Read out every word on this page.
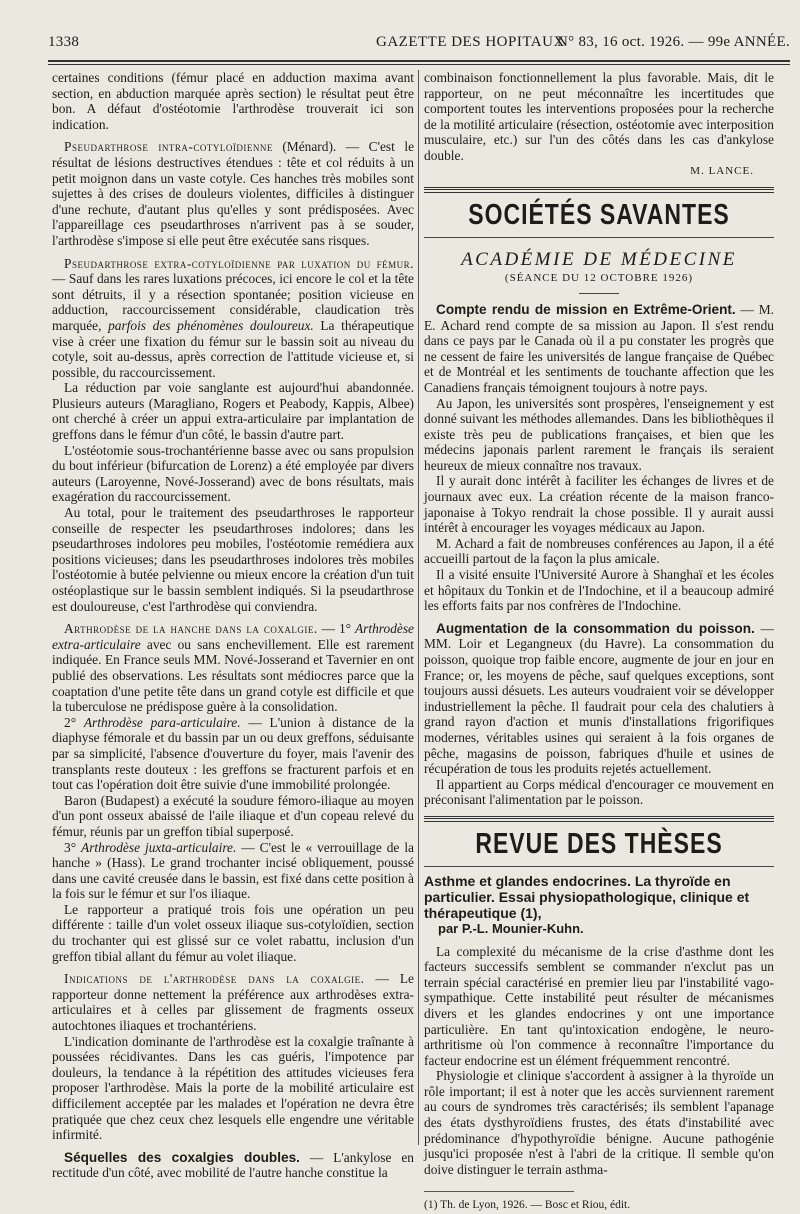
1338	GAZETTE DES HOPITAUX
N° 83, 16 oct. 1926. — 99e ANNÉE.

certaines conditions (fémur placé en adduction maxima avant section, en abduction marquée après section) le résultat peut être bon. A défaut d'ostéotomie l'arthrodèse trouverait ici son indication.

Pseudarthrose intra-cotyloïdienne (Ménard). — C'est le résultat de lésions destructives étendues : tête et col réduits à un petit moignon dans un vaste cotyle. Ces hanches très mobiles sont sujettes à des crises de douleurs violentes, difficiles à distinguer d'une rechute, d'autant plus qu'elles y sont prédisposées. Avec l'appareillage ces pseudarthroses n'arrivent pas à se souder, l'arthrodèse s'impose si elle peut être exécutée sans risques.

Pseudarthrose extra-cotyloïdienne par luxation du fémur. — Sauf dans les rares luxations précoces, ici encore le col et la tête sont détruits, il y a résection spontanée; position vicieuse en adduction, raccourcissement considérable, claudication très marquée, parfois des phénomènes douloureux. La thérapeutique vise à créer une fixation du fémur sur le bassin soit au niveau du cotyle, soit au-dessus, après correction de l'attitude vicieuse et, si possible, du raccourcissement.

La réduction par voie sanglante est aujourd'hui abandonnée. Plusieurs auteurs (Maragliano, Rogers et Peabody, Kappis, Albee) ont cherché à créer un appui extra-articulaire par implantation de greffons dans le fémur d'un côté, le bassin d'autre part.

L'ostéotomie sous-trochantérienne basse avec ou sans propulsion du bout inférieur (bifurcation de Lorenz) a été employée par divers auteurs (Laroyenne, Nové-Josserand) avec de bons résultats, mais exagération du raccourcissement.

Au total, pour le traitement des pseudarthroses le rapporteur conseille de respecter les pseudarthroses indolores; dans les pseudarthroses indolores peu mobiles, l'ostéotomie remédiera aux positions vicieuses; dans les pseudarthroses indolores très mobiles l'ostéotomie à butée pelvienne ou mieux encore la création d'un tuit ostéoplastique sur le bassin semblent indiqués. Si la pseudarthrose est douloureuse, c'est l'arthrodèse qui conviendra.

Arthrodèse de la hanche dans la coxalgie. — 1° Arthrodèse extra-articulaire avec ou sans enchevillement. Elle est rarement indiquée. En France seuls MM. Nové-Josserand et Tavernier en ont publié des observations. Les résultats sont médiocres parce que la coaptation d'une petite tête dans un grand cotyle est difficile et que la tuberculose ne prédispose guère à la consolidation.

2° Arthrodèse para-articulaire. — L'union à distance de la diaphyse fémorale et du bassin par un ou deux greffons, séduisante par sa simplicité, l'absence d'ouverture du foyer, mais l'avenir des transplants reste douteux : les greffons se fracturent parfois et en tout cas l'opération doit être suivie d'une immobilité prolongée.

Baron (Budapest) a exécuté la soudure fémoro-iliaque au moyen d'un pont osseux abaissé de l'aile iliaque et d'un copeau relevé du fémur, réunis par un greffon tibial superposé.

3° Arthrodèse juxta-articulaire. — C'est le « verrouillage de la hanche » (Hass). Le grand trochanter incisé obliquement, poussé dans une cavité creusée dans le bassin, est fixé dans cette position à la fois sur le fémur et sur l'os iliaque.

Le rapporteur a pratiqué trois fois une opération un peu différente : taille d'un volet osseux iliaque sus-cotyloïdien, section du trochanter qui est glissé sur ce volet rabattu, inclusion d'un greffon tibial allant du fémur au volet iliaque.

Indications de l'arthrodèse dans la coxalgie. — Le rapporteur donne nettement la préférence aux arthrodèses extra-articulaires et à celles par glissement de fragments osseux autochtones iliaques et trochantériens.

L'indication dominante de l'arthrodèse est la coxalgie traînante à poussées récidivantes. Dans les cas guéris, l'impotence par douleurs, la tendance à la répétition des attitudes vicieuses fera proposer l'arthrodèse. Mais la porte de la mobilité articulaire est difficilement acceptée par les malades et l'opération ne devra être pratiquée que chez ceux chez lesquels elle engendre une véritable infirmité.

Séquelles des coxalgies doubles. — L'ankylose en rectitude d'un côté, avec mobilité de l'autre hanche constitue la

combinaison fonctionnellement la plus favorable. Mais, dit le rapporteur, on ne peut méconnaître les incertitudes que comportent toutes les interventions proposées pour la recherche de la motilité articulaire (résection, ostéotomie avec interposition musculaire, etc.) sur l'un des côtés dans les cas d'ankylose double.

M. LANCE.
SOCIÉTÉS SAVANTES
ACADÉMIE DE MÉDECINE
(SÉANCE DU 12 OCTOBRE 1926)

Compte rendu de mission en Extrême-Orient. — M. E. Achard rend compte de sa mission au Japon. Il s'est rendu dans ce pays par le Canada où il a pu constater les progrès que ne cessent de faire les universités de langue française de Québec et de Montréal et les sentiments de touchante affection que les Canadiens français témoignent toujours à notre pays.

Au Japon, les universités sont prospères, l'enseignement y est donné suivant les méthodes allemandes. Dans les bibliothèques il existe très peu de publications françaises, et bien que les médecins japonais parlent rarement le français ils seraient heureux de mieux connaître nos travaux.

Il y aurait donc intérêt à faciliter les échanges de livres et de journaux avec eux. La création récente de la maison franco-japonaise à Tokyo rendrait la chose possible. Il y aurait aussi intérêt à encourager les voyages médicaux au Japon.

M. Achard a fait de nombreuses conférences au Japon, il a été accueilli partout de la façon la plus amicale.

Il a visité ensuite l'Université Aurore à Shanghaï et les écoles et hôpitaux du Tonkin et de l'Indochine, et il a beaucoup admiré les efforts faits par nos confrères de l'Indochine.

Augmentation de la consommation du poisson. — MM. Loir et Legangneux (du Havre). La consommation du poisson, quoique trop faible encore, augmente de jour en jour en France; or, les moyens de pêche, sauf quelques exceptions, sont toujours aussi désuets. Les auteurs voudraient voir se développer industriellement la pêche. Il faudrait pour cela des chalutiers à grand rayon d'action et munis d'installations frigorifiques modernes, véritables usines qui seraient à la fois organes de pêche, magasins de poisson, fabriques d'huile et usines de récupération de tous les produits rejetés actuellement.

Il appartient au Corps médical d'encourager ce mouvement en préconisant l'alimentation par le poisson.

REVUE DES THÈSES
Asthme et glandes endocrines. La thyroïde en particulier. Essai physiopathologique, clinique et thérapeutique (1),
par P.-L. Mounier-Kuhn.

La complexité du mécanisme de la crise d'asthme dont les facteurs successifs semblent se commander n'exclut pas un terrain spécial caractérisé en premier lieu par l'instabilité vago-sympathique. Cette instabilité peut résulter de mécanismes divers et les glandes endocrines y ont une importance particulière. En tant qu'intoxication endogène, le neuro-arthritisme où l'on commence à reconnaître l'importance du facteur endocrine est un élément fréquemment rencontré.

Physiologie et clinique s'accordent à assigner à la thyroïde un rôle important; il est à noter que les accès surviennent rarement au cours de syndromes très caractérisés; ils semblent l'apanage des états dysthyroïdiens frustes, des états d'instabilité avec prédominance d'hypothyroïdie bénigne. Aucune pathogénie jusqu'ici proposée n'est à l'abri de la critique. Il semble qu'on doive distinguer le terrain asthma-

(1) Th. de Lyon, 1926. — Bosc et Riou, édit.
